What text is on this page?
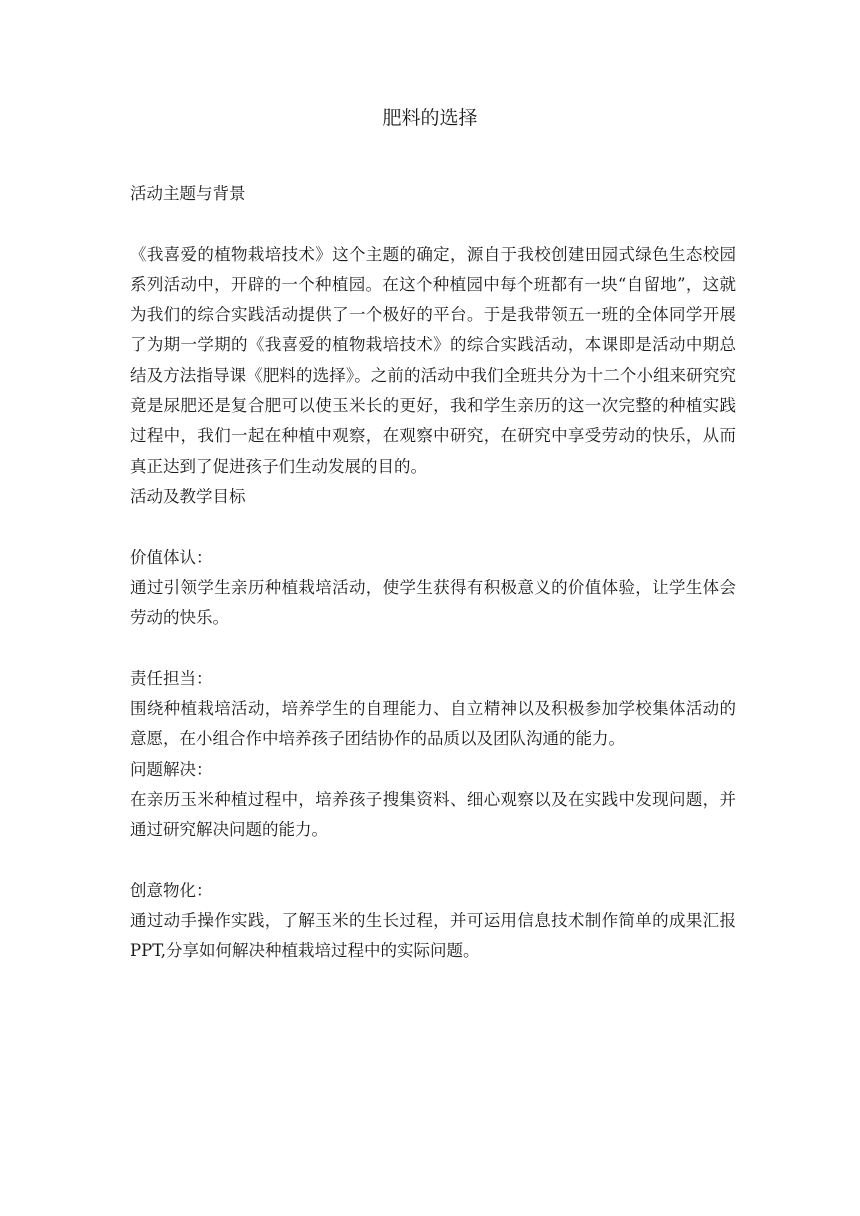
肥料的选择

活动主题与背景

《我喜爱的植物栽培技术》这个主题的确定，源自于我校创建田园式绿色生态校园系列活动中，开辟的一个种植园。在这个种植园中每个班都有一块“自留地”，这就为我们的综合实践活动提供了一个极好的平台。于是我带领五一班的全体同学开展了为期一学期的《我喜爱的植物栽培技术》的综合实践活动，本课即是活动中期总结及方法指导课《肥料的选择》。之前的活动中我们全班共分为十二个小组来研究究竟是尿肥还是复合肥可以使玉米长的更好，我和学生亲历的这一次完整的种植实践过程中，我们一起在种植中观察，在观察中研究，在研究中享受劳动的快乐，从而真正达到了促进孩子们生动发展的目的。

活动及教学目标

价值体认：

通过引领学生亲历种植栽培活动，使学生获得有积极意义的价值体验，让学生体会劳动的快乐。

责任担当：

围绕种植栽培活动，培养学生的自理能力、自立精神以及积极参加学校集体活动的意愿，在小组合作中培养孩子团结协作的品质以及团队沟通的能力。

问题解决：

在亲历玉米种植过程中，培养孩子搜集资料、细心观察以及在实践中发现问题，并通过研究解决问题的能力。

创意物化：

通过动手操作实践，了解玉米的生长过程，并可运用信息技术制作简单的成果汇报 PPT,分享如何解决种植栽培过程中的实际问题。
